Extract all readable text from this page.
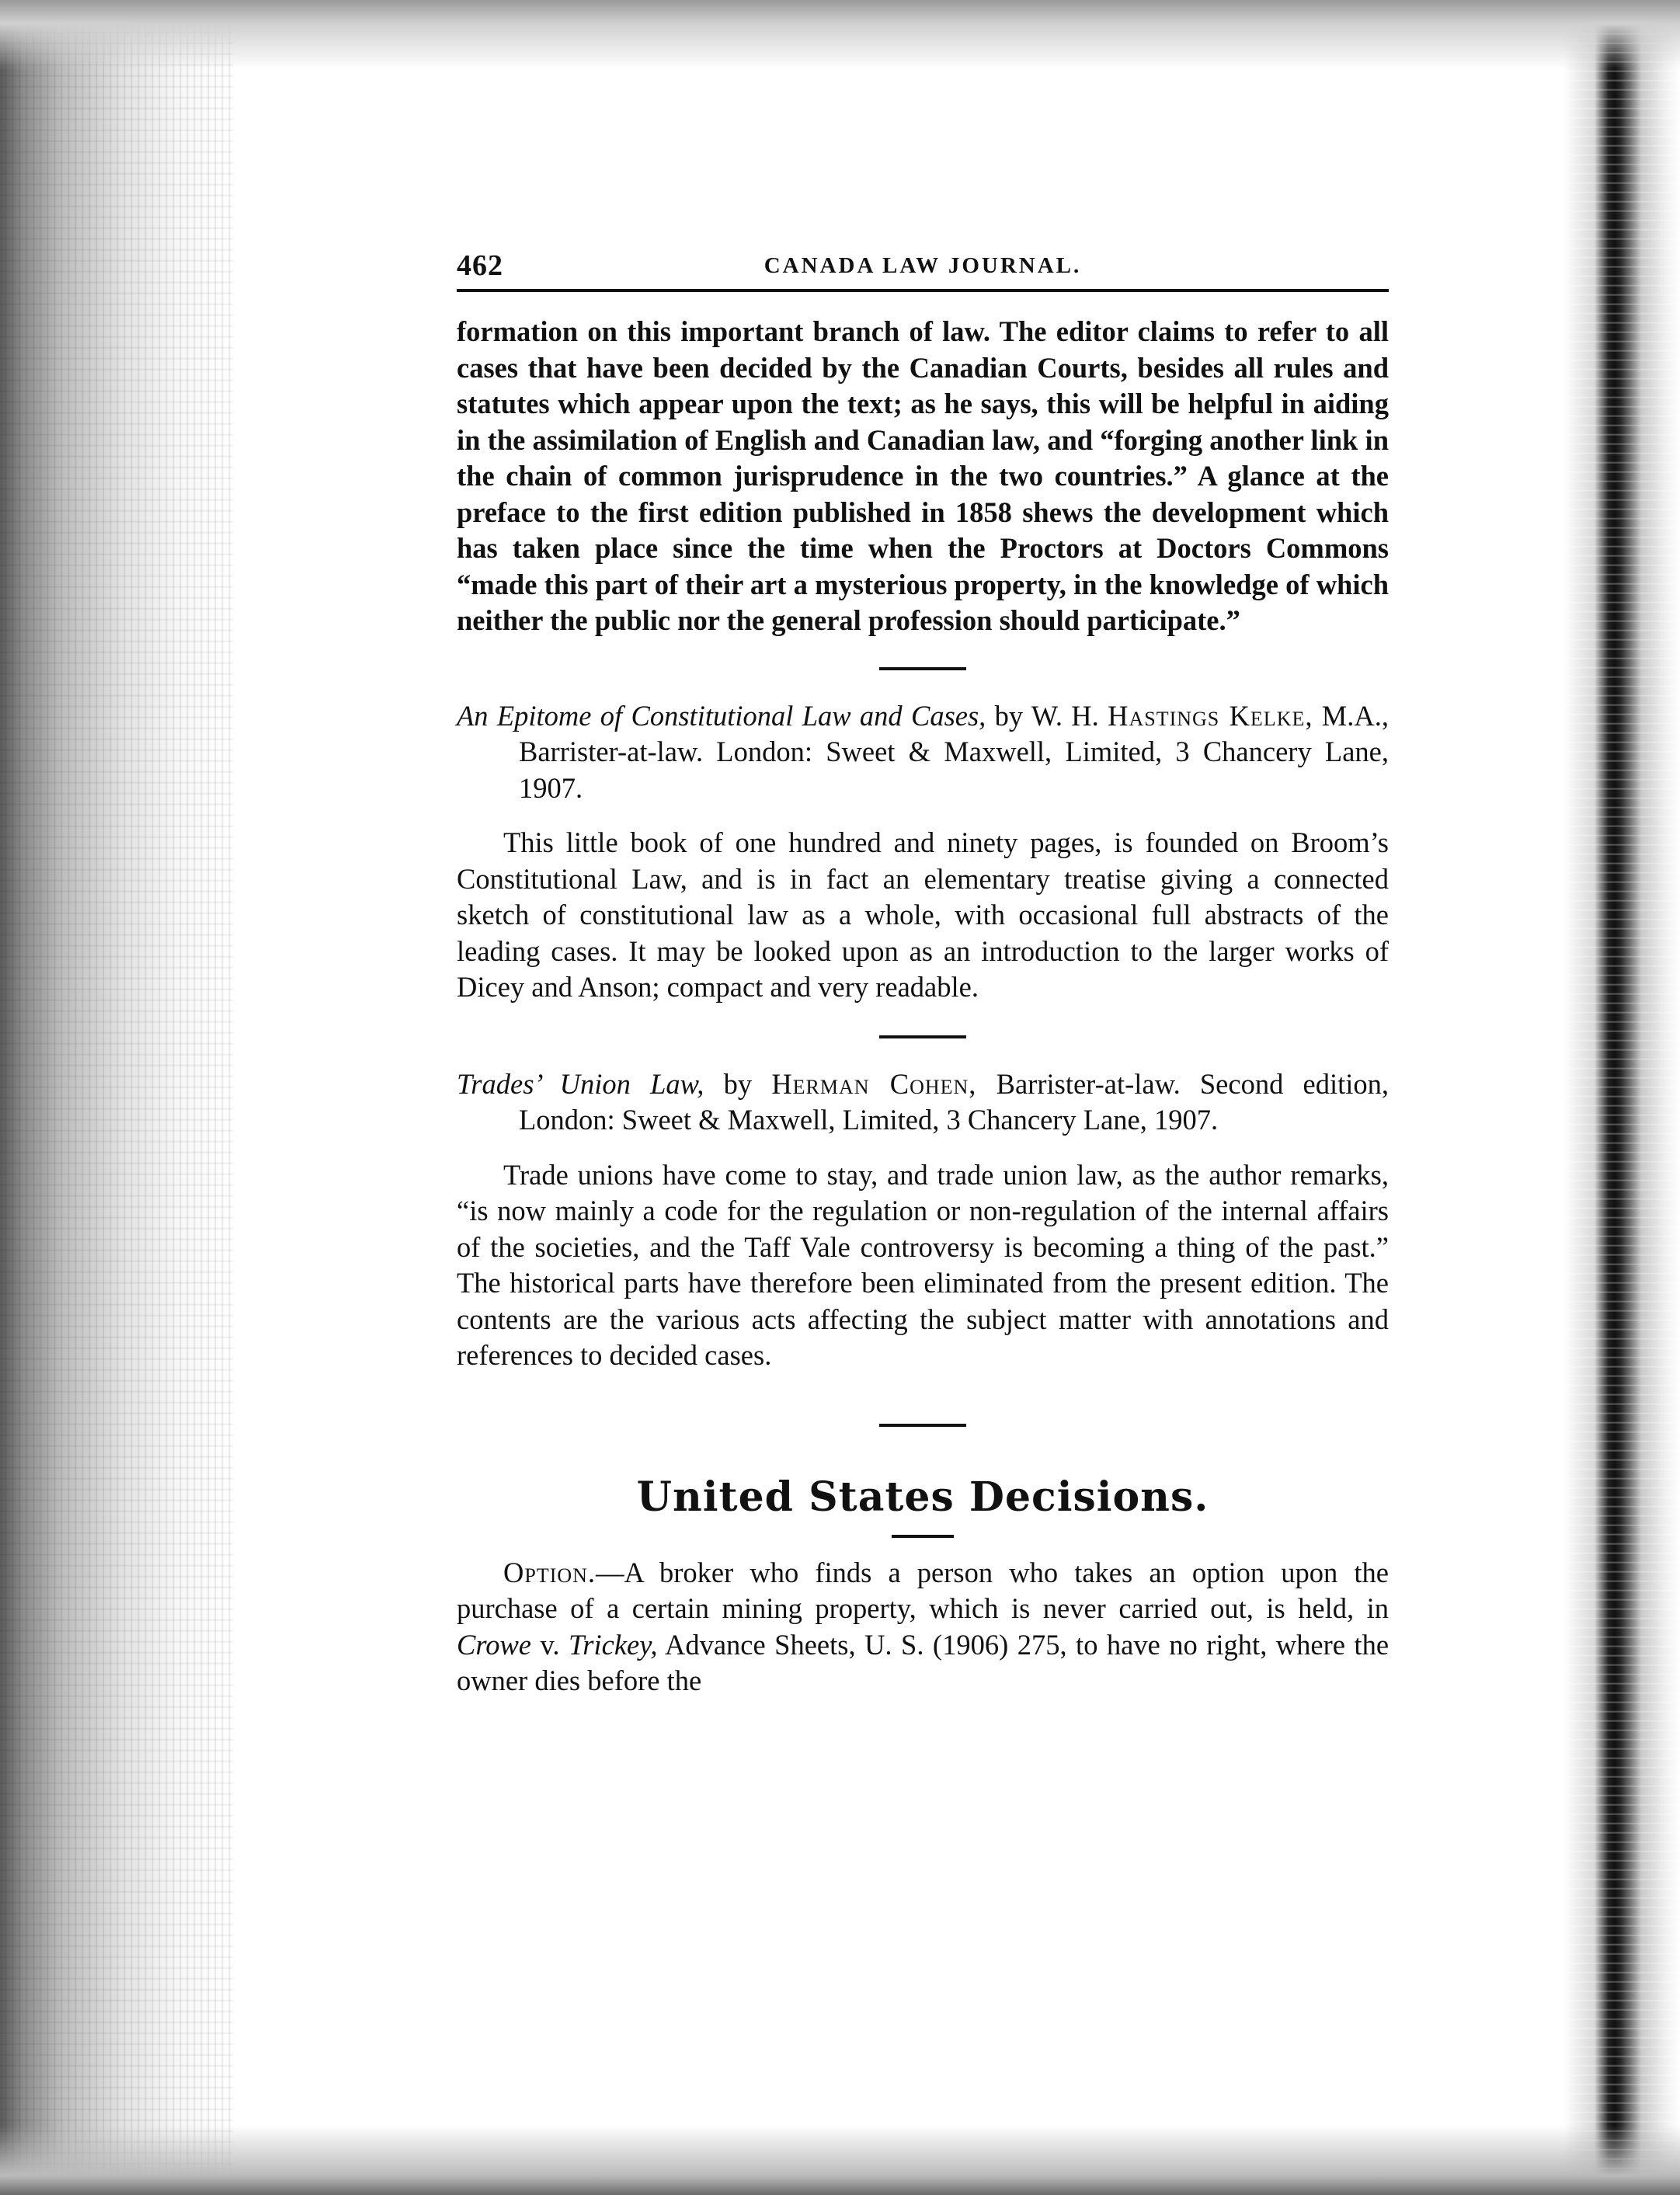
462	CANADA LAW JOURNAL.

formation on this important branch of law. The editor claims to refer to all cases that have been decided by the Canadian Courts, besides all rules and statutes which appear upon the text; as he says, this will be helpful in aiding in the assimilation of English and Canadian law, and “forging another link in the chain of common jurisprudence in the two countries.” A glance at the preface to the first edition published in 1858 shews the development which has taken place since the time when the Proctors at Doctors Commons “made this part of their art a mysterious property, in the knowledge of which neither the public nor the general profession should participate.”

An Epitome of Constitutional Law and Cases, by W. H. Hastings Kelke, M.A., Barrister-at-law. London: Sweet & Maxwell, Limited, 3 Chancery Lane, 1907.

This little book of one hundred and ninety pages, is founded on Broom’s Constitutional Law, and is in fact an elementary treatise giving a connected sketch of constitutional law as a whole, with occasional full abstracts of the leading cases. It may be looked upon as an introduction to the larger works of Dicey and Anson; compact and very readable.

Trades’ Union Law, by Herman Cohen, Barrister-at-law. Second edition, London: Sweet & Maxwell, Limited, 3 Chancery Lane, 1907.

Trade unions have come to stay, and trade union law, as the author remarks, “is now mainly a code for the regulation or non-regulation of the internal affairs of the societies, and the Taff Vale controversy is becoming a thing of the past.” The historical parts have therefore been eliminated from the present edition. The contents are the various acts affecting the subject matter with annotations and references to decided cases.

United States Decisions.

Option.—A broker who finds a person who takes an option upon the purchase of a certain mining property, which is never carried out, is held, in Crowe v. Trickey, Advance Sheets, U. S. (1906) 275, to have no right, where the owner dies before the
